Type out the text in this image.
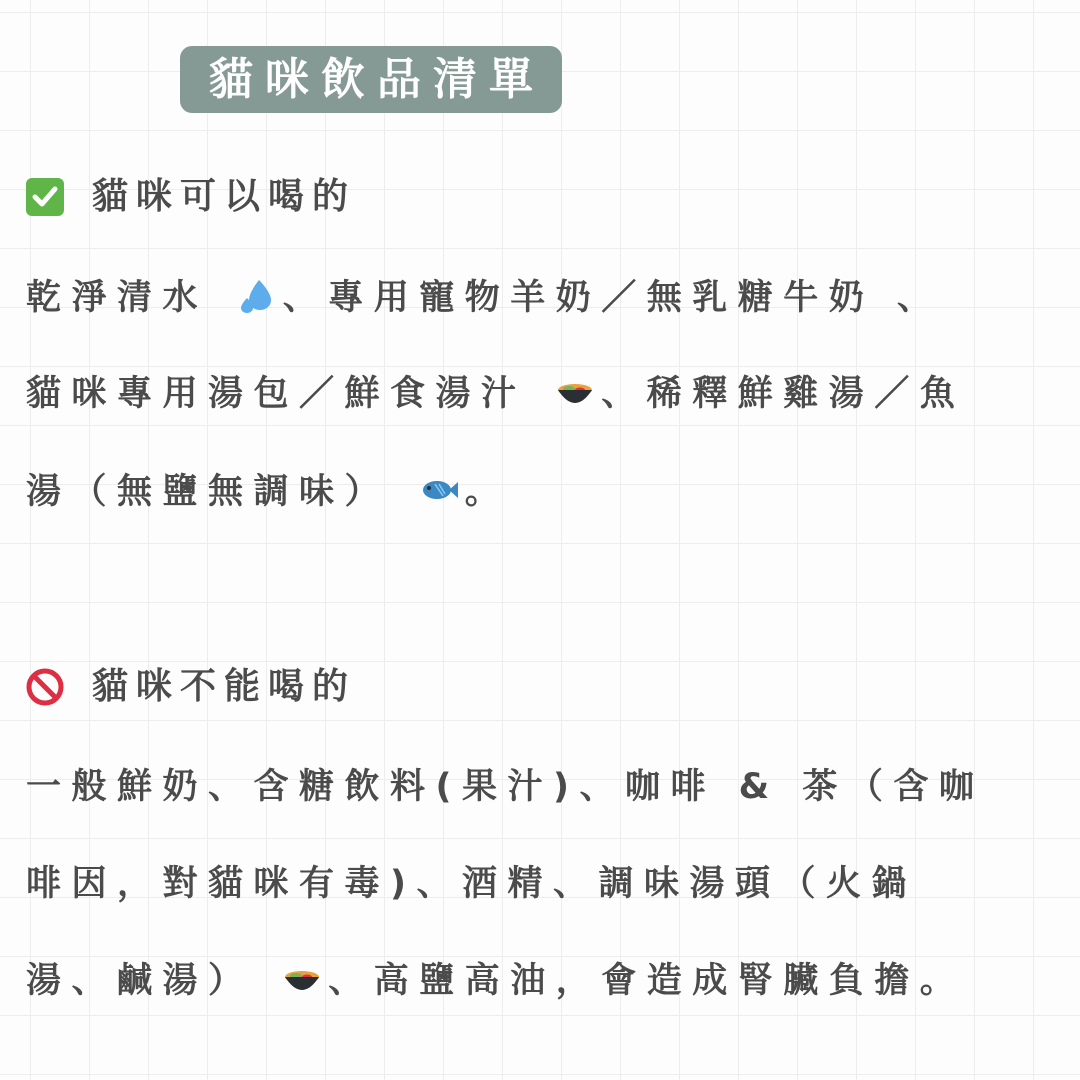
貓咪飲品清單
貓咪可以喝的
乾淨清水 、專用寵物羊奶／無乳糖牛奶 、
貓咪專用湯包／鮮食湯汁 、稀釋鮮雞湯／魚
湯（無鹽無調味） 。
貓咪不能喝的
一般鮮奶、含糖飲料(果汁)、咖啡 & 茶（含咖
啡因，對貓咪有毒)、酒精、調味湯頭（火鍋
湯、鹹湯） 、高鹽高油，會造成腎臟負擔。
